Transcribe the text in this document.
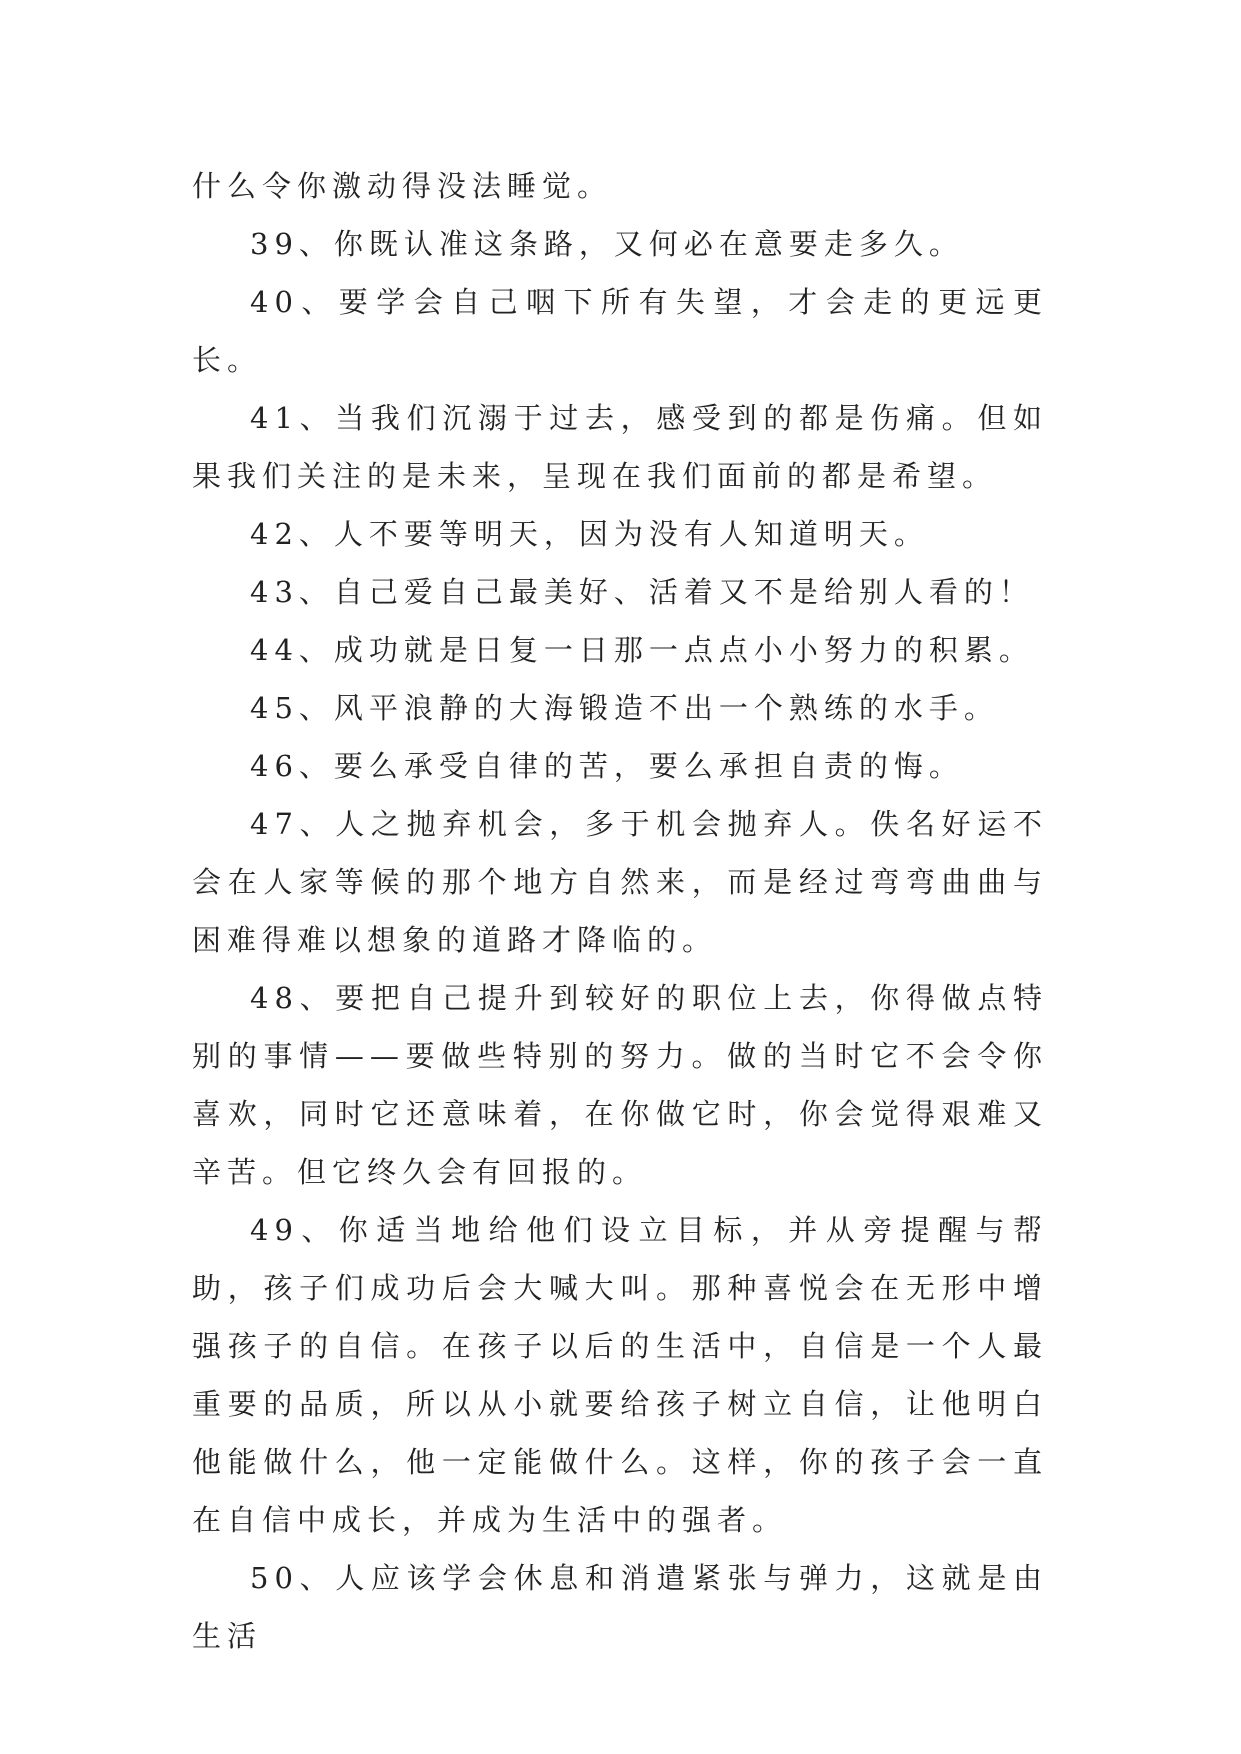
什么令你激动得没法睡觉。

39、你既认准这条路，又何必在意要走多久。

40、要学会自己咽下所有失望，才会走的更远更长。

41、当我们沉溺于过去，感受到的都是伤痛。但如果我们关注的是未来，呈现在我们面前的都是希望。

42、人不要等明天，因为没有人知道明天。

43、自己爱自己最美好、活着又不是给别人看的！

44、成功就是日复一日那一点点小小努力的积累。

45、风平浪静的大海锻造不出一个熟练的水手。

46、要么承受自律的苦，要么承担自责的悔。

47、人之抛弃机会，多于机会抛弃人。佚名好运不会在人家等候的那个地方自然来，而是经过弯弯曲曲与困难得难以想象的道路才降临的。

48、要把自己提升到较好的职位上去，你得做点特别的事情——要做些特别的努力。做的当时它不会令你喜欢，同时它还意味着，在你做它时，你会觉得艰难又辛苦。但它终久会有回报的。

49、你适当地给他们设立目标，并从旁提醒与帮助，孩子们成功后会大喊大叫。那种喜悦会在无形中增强孩子的自信。在孩子以后的生活中，自信是一个人最重要的品质，所以从小就要给孩子树立自信，让他明白他能做什么，他一定能做什么。这样，你的孩子会一直在自信中成长，并成为生活中的强者。

50、人应该学会休息和消遣紧张与弹力，这就是由生活
